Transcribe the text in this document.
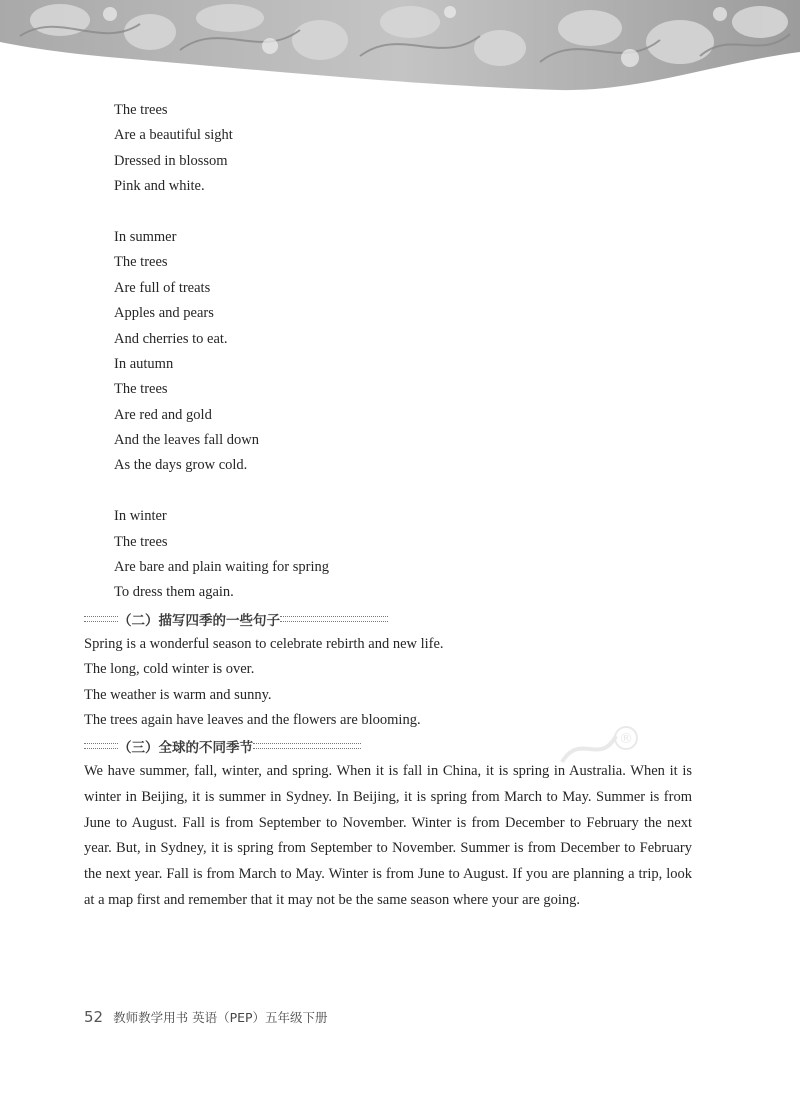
The trees
Are a beautiful sight
Dressed in blossom
Pink and white.
In summer
The trees
Are full of treats
Apples and pears
And cherries to eat.
In autumn
The trees
Are red and gold
And the leaves fall down
As the days grow cold.
In winter
The trees
Are bare and plain waiting for spring
To dress them again.
（二）描写四季的一些句子
Spring is a wonderful season to celebrate rebirth and new life.
The long, cold winter is over.
The weather is warm and sunny.
The trees again have leaves and the flowers are blooming.
（三）全球的不同季节
®

We have summer, fall, winter, and spring. When it is fall in China, it is spring in Australia. When it is winter in Beijing, it is summer in Sydney. In Beijing, it is spring from March to May. Summer is from June to August. Fall is from September to November. Winter is from December to February the next year. But, in Sydney, it is spring from September to November. Summer is from December to February the next year. Fall is from March to May. Winter is from June to August. If you are planning a trip, look at a map first and remember that it may not be the same season where your are going.

52 教师教学用书 英语（PEP）五年级下册
